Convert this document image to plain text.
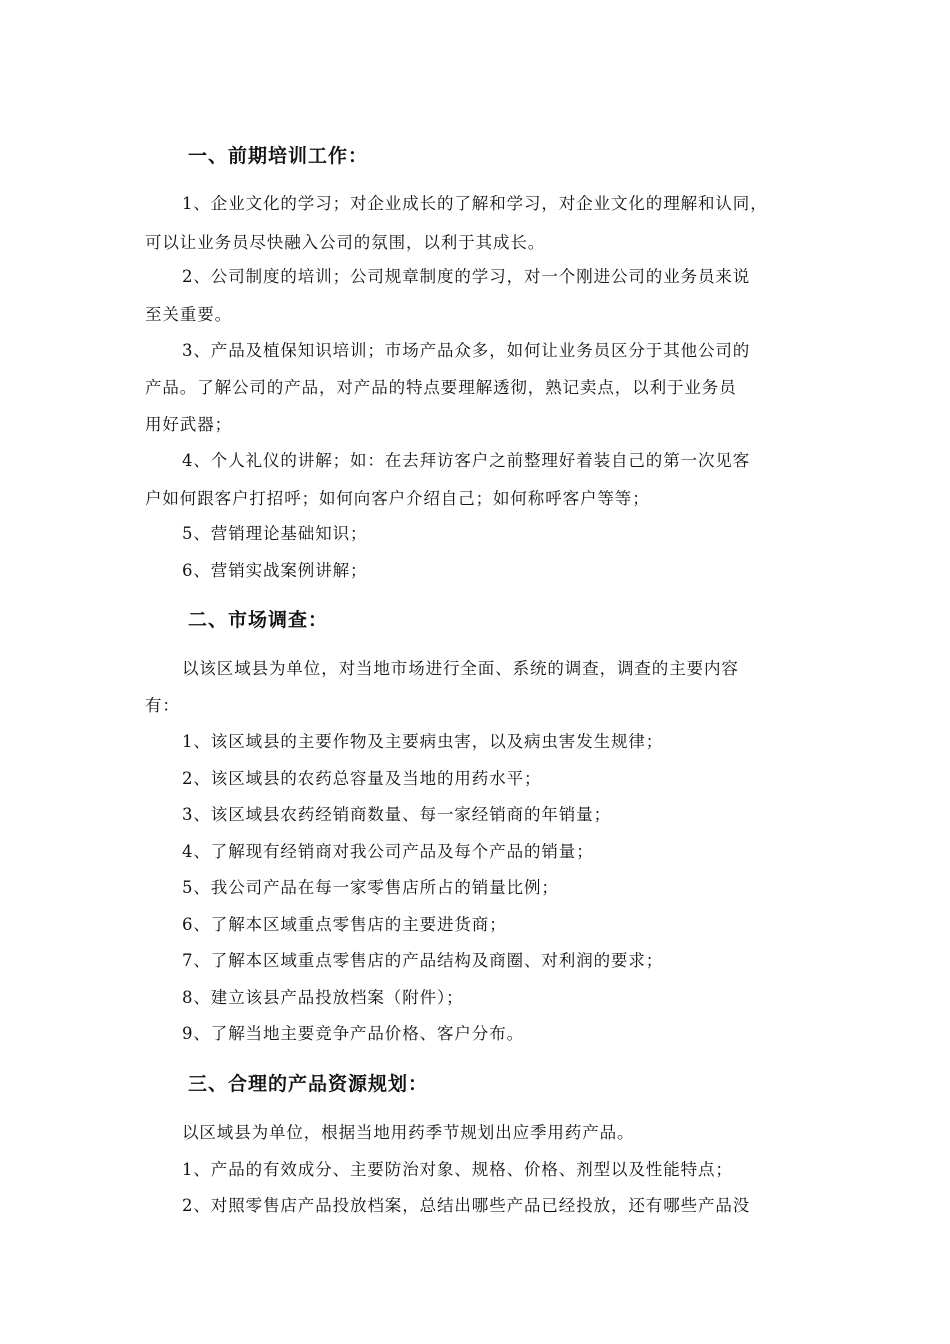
一、前期培训工作：
1、企业文化的学习；对企业成长的了解和学习，对企业文化的理解和认同，
可以让业务员尽快融入公司的氛围，以利于其成长。
2、公司制度的培训；公司规章制度的学习，对一个刚进公司的业务员来说
至关重要。
3、产品及植保知识培训；市场产品众多，如何让业务员区分于其他公司的
产品。了解公司的产品，对产品的特点要理解透彻，熟记卖点，以利于业务员
用好武器；
4、个人礼仪的讲解；如：在去拜访客户之前整理好着装自己的第一次见客
户如何跟客户打招呼；如何向客户介绍自己；如何称呼客户等等；
5、营销理论基础知识；
6、营销实战案例讲解；
二、市场调查：
以该区域县为单位，对当地市场进行全面、系统的调查，调查的主要内容
有：
1、该区域县的主要作物及主要病虫害，以及病虫害发生规律；
2、该区域县的农药总容量及当地的用药水平；
3、该区域县农药经销商数量、每一家经销商的年销量；
4、了解现有经销商对我公司产品及每个产品的销量；
5、我公司产品在每一家零售店所占的销量比例；
6、了解本区域重点零售店的主要进货商；
7、了解本区域重点零售店的产品结构及商圈、对利润的要求；
8、建立该县产品投放档案（附件）；
9、了解当地主要竞争产品价格、客户分布。
三、合理的产品资源规划：
以区域县为单位，根据当地用药季节规划出应季用药产品。
1、产品的有效成分、主要防治对象、规格、价格、剂型以及性能特点；
2、对照零售店产品投放档案，总结出哪些产品已经投放，还有哪些产品没
